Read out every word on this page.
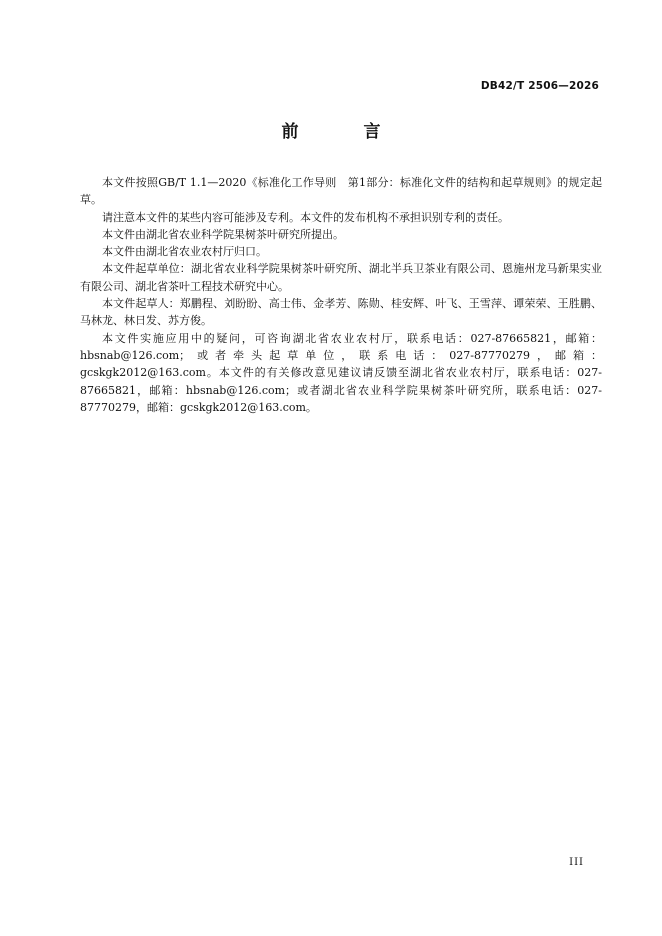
DB42/T 2506—2026
前　言

本文件按照GB/T 1.1—2020《标准化工作导则　第1部分：标准化文件的结构和起草规则》的规定起草。

请注意本文件的某些内容可能涉及专利。本文件的发布机构不承担识别专利的责任。

本文件由湖北省农业科学院果树茶叶研究所提出。

本文件由湖北省农业农村厅归口。

本文件起草单位：湖北省农业科学院果树茶叶研究所、湖北半兵卫茶业有限公司、恩施州龙马新果实业有限公司、湖北省茶叶工程技术研究中心。

本文件起草人：郑鹏程、刘盼盼、高士伟、金孝芳、陈勋、桂安辉、叶飞、王雪萍、谭荣荣、王胜鹏、马林龙、林日发、苏方俊。

本文件实施应用中的疑问，可咨询湖北省农业农村厅，联系电话：027-87665821，邮箱：hbsnab@126.com；或者牵头起草单位，联系电话：027-87770279，邮箱：gcskgk2012@163.com。本文件的有关修改意见建议请反馈至湖北省农业农村厅，联系电话：027-87665821，邮箱：hbsnab@126.com；或者湖北省农业科学院果树茶叶研究所，联系电话：027-87770279，邮箱：gcskgk2012@163.com。

III
